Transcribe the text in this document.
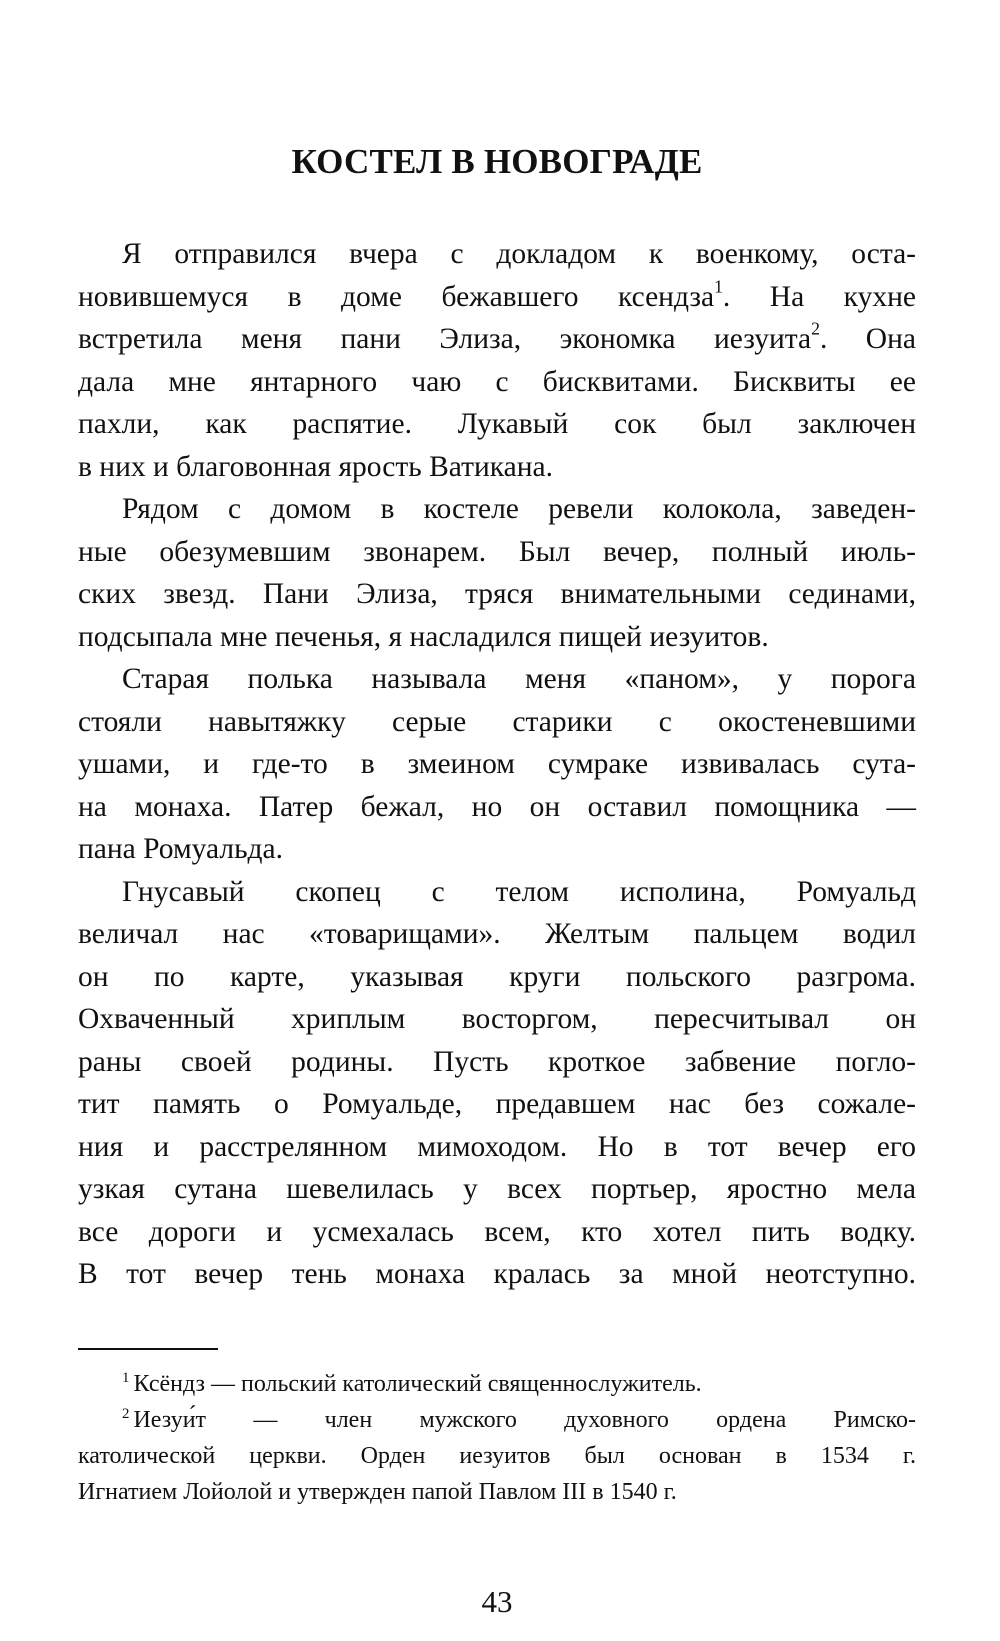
КОСТЕЛ В НОВОГРАДЕ
Я отправился вчера с докладом к военкому, оста-
новившемуся в доме бежавшего ксендза$^1$. На кухне
встретила меня пани Элиза, экономка иезуита$^2$. Она
дала мне янтарного чаю с бисквитами. Бисквиты ее
пахли, как распятие. Лукавый сок был заключен
в них и благовонная ярость Ватикана.
Рядом с домом в костеле ревели колокола, заведен-
ные обезумевшим звонарем. Был вечер, полный июль-
ских звезд. Пани Элиза, тряся внимательными сединами,
подсыпала мне печенья, я насладился пищей иезуитов.
Старая полька называла меня «паном», у порога
стояли навытяжку серые старики с окостеневшими
ушами, и где-то в змеином сумраке извивалась сута-
на монаха. Патер бежал, но он оставил помощника —
пана Ромуальда.
Гнусавый скопец с телом исполина, Ромуальд
величал нас «товарищами». Желтым пальцем водил
он по карте, указывая круги польского разгрома.
Охваченный хриплым восторгом, пересчитывал он
раны своей родины. Пусть кроткое забвение погло-
тит память о Ромуальде, предавшем нас без сожале-
ния и расстрелянном мимоходом. Но в тот вечер его
узкая сутана шевелилась у всех портьер, яростно мела
все дороги и усмехалась всем, кто хотел пить водку.
В тот вечер тень монаха кралась за мной неотступно.
$^1$ Ксёндз — польский католический священнослужитель.
$^2$ Иезуи́т — член мужского духовного ордена Римско-
католической церкви. Орден иезуитов был основан в 1534 г.
Игнатием Лойолой и утвержден папой Павлом III в 1540 г.
43
